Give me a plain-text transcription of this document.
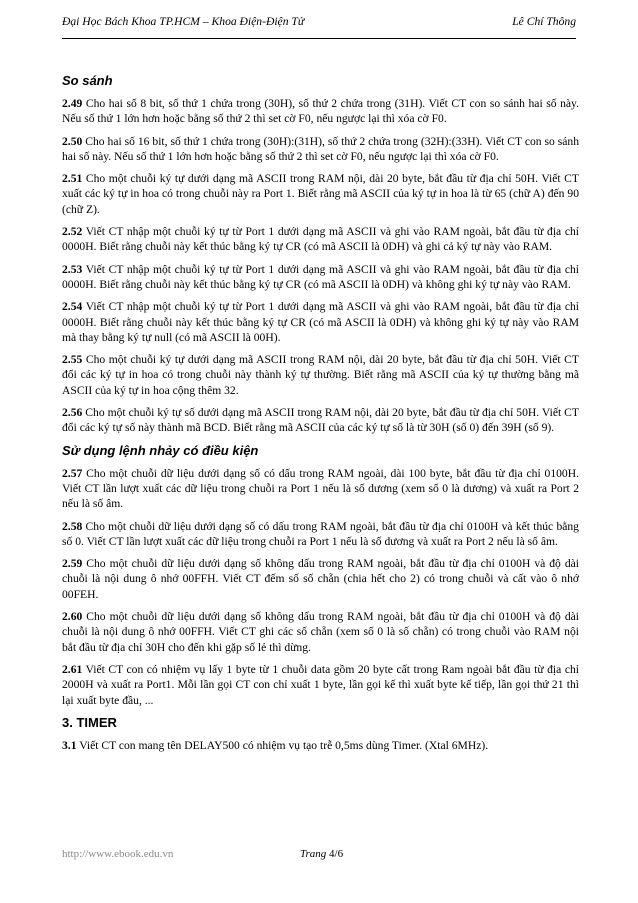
Đại Học Bách Khoa TP.HCM – Khoa Điện-Điện Tử	Lê Chí Thông
So sánh

2.49 Cho hai số 8 bit, số thứ 1 chứa trong (30H), số thứ 2 chứa trong (31H). Viết CT con so sánh hai số này. Nếu số thứ 1 lớn hơn hoặc bằng số thứ 2 thì set cờ F0, nếu ngược lại thì xóa cờ F0.

2.50 Cho hai số 16 bit, số thứ 1 chứa trong (30H):(31H), số thứ 2 chứa trong (32H):(33H). Viết CT con so sánh hai số này. Nếu số thứ 1 lớn hơn hoặc bằng số thứ 2 thì set cờ F0, nếu ngược lại thì xóa cờ F0.

2.51 Cho một chuỗi ký tự dưới dạng mã ASCII trong RAM nội, dài 20 byte, bắt đầu từ địa chỉ 50H. Viết CT xuất các ký tự in hoa có trong chuỗi này ra Port 1. Biết rằng mã ASCII của ký tự in hoa là từ 65 (chữ A) đến 90 (chữ Z).

2.52 Viết CT nhập một chuỗi ký tự từ Port 1 dưới dạng mã ASCII và ghi vào RAM ngoài, bắt đầu từ địa chỉ 0000H. Biết rằng chuỗi này kết thúc bằng ký tự CR (có mã ASCII là 0DH) và ghi cả ký tự này vào RAM.

2.53 Viết CT nhập một chuỗi ký tự từ Port 1 dưới dạng mã ASCII và ghi vào RAM ngoài, bắt đầu từ địa chỉ 0000H. Biết rằng chuỗi này kết thúc bằng ký tự CR (có mã ASCII là 0DH) và không ghi ký tự này vào RAM.

2.54 Viết CT nhập một chuỗi ký tự từ Port 1 dưới dạng mã ASCII và ghi vào RAM ngoài, bắt đầu từ địa chỉ 0000H. Biết rằng chuỗi này kết thúc bằng ký tự CR (có mã ASCII là 0DH) và không ghi ký tự này vào RAM mà thay bằng ký tự null (có mã ASCII là 00H).

2.55 Cho một chuỗi ký tự dưới dạng mã ASCII trong RAM nội, dài 20 byte, bắt đầu từ địa chỉ 50H. Viết CT đổi các ký tự in hoa có trong chuỗi này thành ký tự thường. Biết rằng mã ASCII của ký tự thường bằng mã ASCII của ký tự in hoa cộng thêm 32.

2.56 Cho một chuỗi ký tự số dưới dạng mã ASCII trong RAM nội, dài 20 byte, bắt đầu từ địa chỉ 50H. Viết CT đổi các ký tự số này thành mã BCD. Biết rằng mã ASCII của các ký tự số là từ 30H (số 0) đến 39H (số 9).

Sử dụng lệnh nhảy có điều kiện

2.57 Cho một chuỗi dữ liệu dưới dạng số có dấu trong RAM ngoài, dài 100 byte, bắt đầu từ địa chỉ 0100H. Viết CT lần lượt xuất các dữ liệu trong chuỗi ra Port 1 nếu là số dương (xem số 0 là dương) và xuất ra Port 2 nếu là số âm.

2.58 Cho một chuỗi dữ liệu dưới dạng số có dấu trong RAM ngoài, bắt đầu từ địa chỉ 0100H và kết thúc bằng số 0. Viết CT lần lượt xuất các dữ liệu trong chuỗi ra Port 1 nếu là số dương và xuất ra Port 2 nếu là số âm.

2.59 Cho một chuỗi dữ liệu dưới dạng số không dấu trong RAM ngoài, bắt đầu từ địa chỉ 0100H và độ dài chuỗi là nội dung ô nhớ 00FFH. Viết CT đếm số số chẵn (chia hết cho 2) có trong chuỗi và cất vào ô nhớ 00FEH.

2.60 Cho một chuỗi dữ liệu dưới dạng số không dấu trong RAM ngoài, bắt đầu từ địa chỉ 0100H và độ dài chuỗi là nội dung ô nhớ 00FFH. Viết CT ghi các số chẵn (xem số 0 là số chẵn) có trong chuỗi vào RAM nội bắt đầu từ địa chỉ 30H cho đến khi gặp số lẻ thì dừng.

2.61 Viết CT con có nhiệm vụ lấy 1 byte từ 1 chuỗi data gồm 20 byte cất trong Ram ngoài bắt đầu từ địa chỉ 2000H và xuất ra Port1. Mỗi lần gọi CT con chỉ xuất 1 byte, lần gọi kế thì xuất byte kế tiếp, lần gọi thứ 21 thì lại xuất byte đầu, ...

3. TIMER

3.1 Viết CT con mang tên DELAY500 có nhiệm vụ tạo trễ 0,5ms dùng Timer. (Xtal 6MHz).

http://www.ebook.edu.vn	Trang 4/6
